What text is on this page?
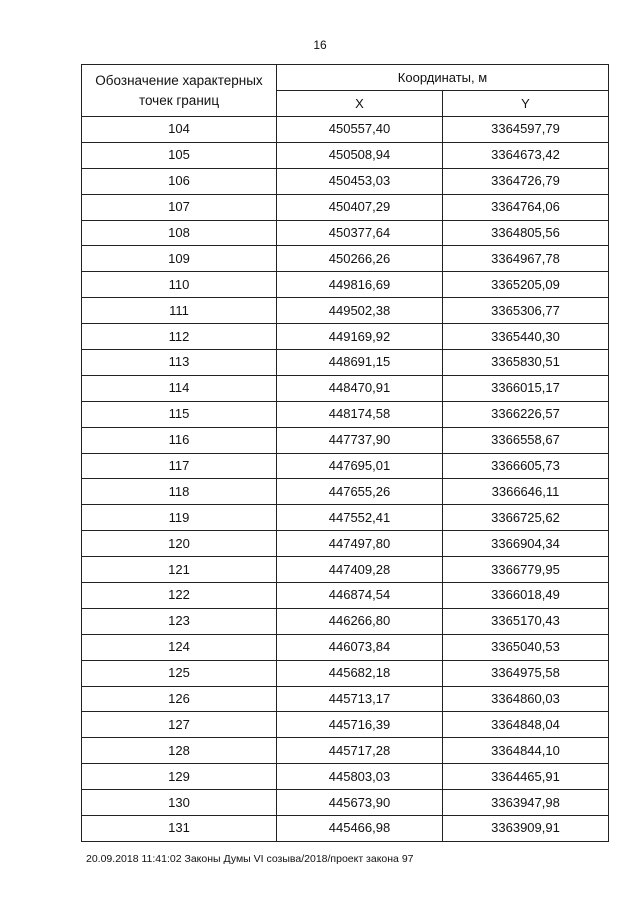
16
Обозначение характерных точек границ	Координаты, м	
	X	Y
104	450557,40	3364597,79
105	450508,94	3364673,42
106	450453,03	3364726,79
107	450407,29	3364764,06
108	450377,64	3364805,56
109	450266,26	3364967,78
110	449816,69	3365205,09
111	449502,38	3365306,77
112	449169,92	3365440,30
113	448691,15	3365830,51
114	448470,91	3366015,17
115	448174,58	3366226,57
116	447737,90	3366558,67
117	447695,01	3366605,73
118	447655,26	3366646,11
119	447552,41	3366725,62
120	447497,80	3366904,34
121	447409,28	3366779,95
122	446874,54	3366018,49
123	446266,80	3365170,43
124	446073,84	3365040,53
125	445682,18	3364975,58
126	445713,17	3364860,03
127	445716,39	3364848,04
128	445717,28	3364844,10
129	445803,03	3364465,91
130	445673,90	3363947,98
131	445466,98	3363909,91
20.09.2018 11:41:02 Законы Думы VI созыва/2018/проект закона 97
